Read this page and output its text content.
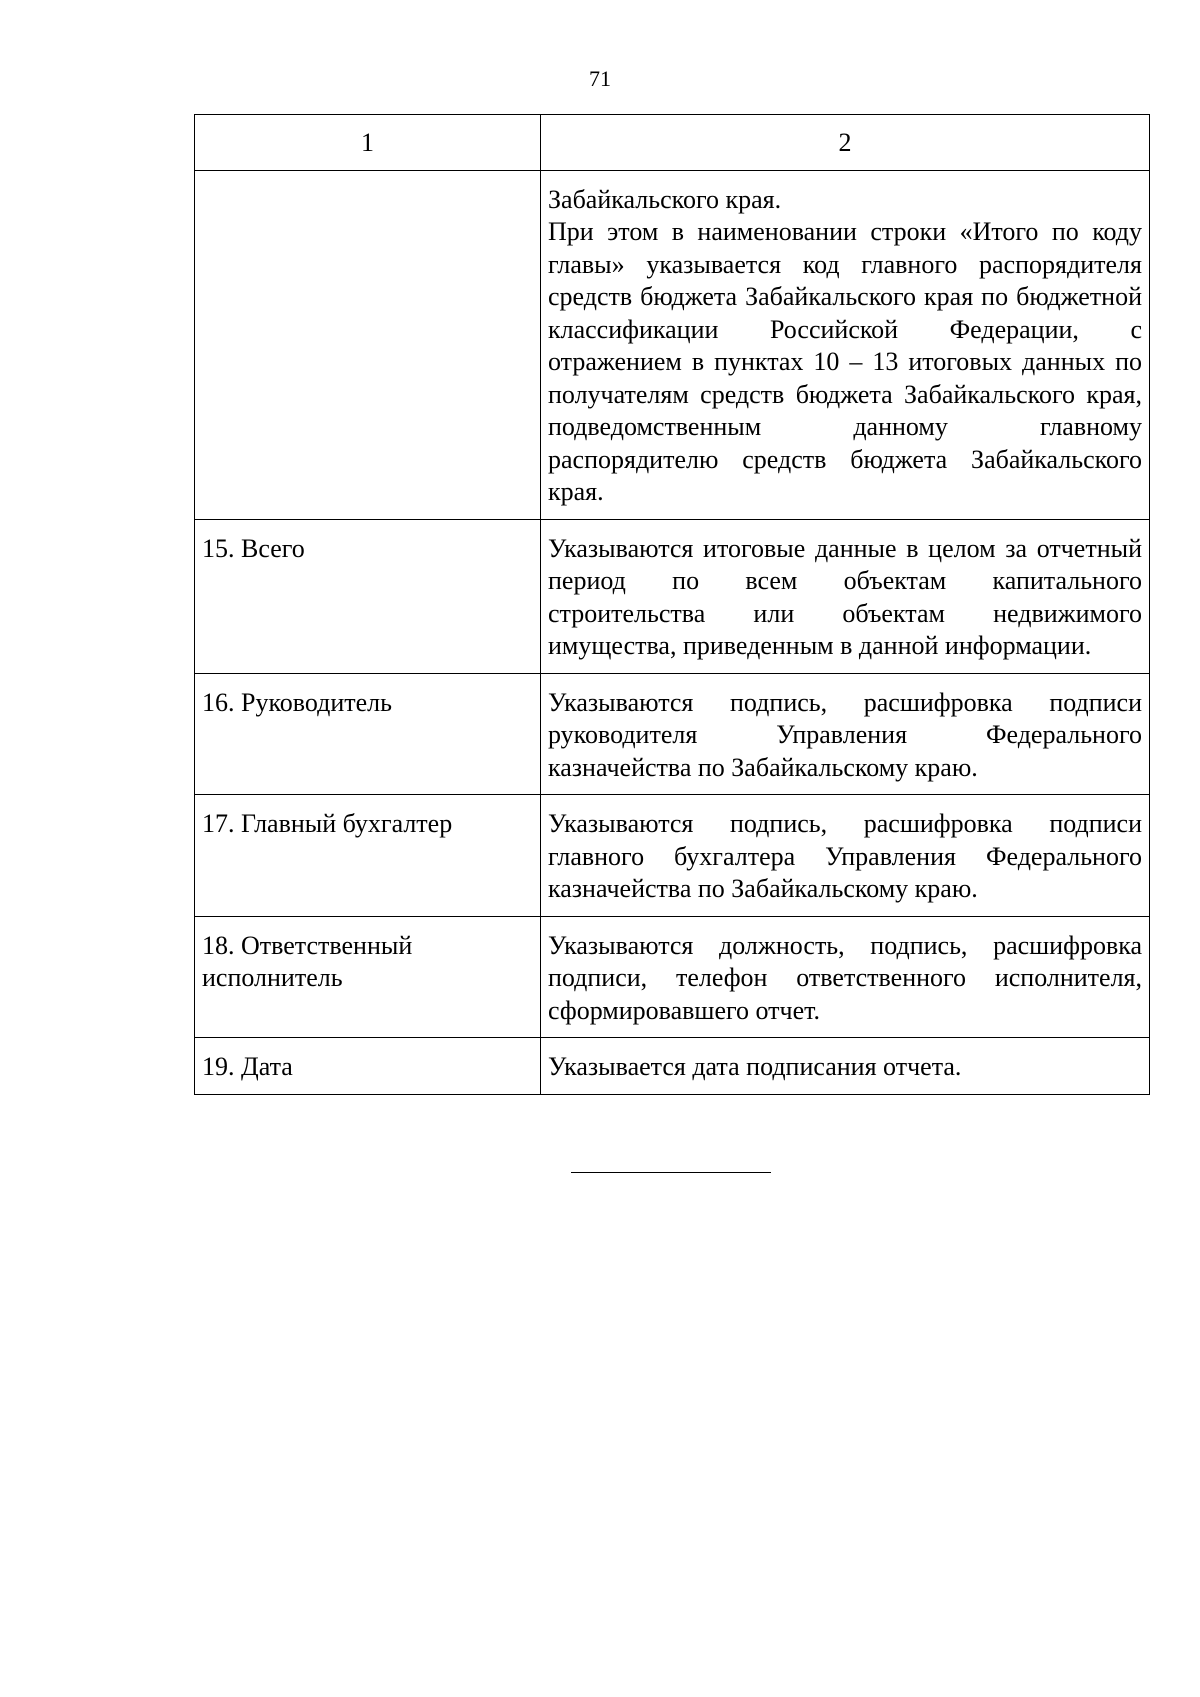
71
1	2

	Забайкальского края.
При этом в наименовании строки «Итого по коду главы» указывается код главного распорядителя средств бюджета Забайкальского края по бюджетной классификации Российской Федерации, с отражением в пунктах 10 – 13 итоговых данных по получателям средств бюджета Забайкальского края, подведомственным данному главному распорядителю средств бюджета Забайкальского края.

15. Всего	Указываются итоговые данные в целом за отчетный период по всем объектам капитального строительства или объектам недвижимого имущества, приведенным в данной информации.
16. Руководитель	Указываются подпись, расшифровка подписи руководителя Управления Федерального казначейства по Забайкальскому краю.
17. Главный бухгалтер	Указываются подпись, расшифровка подписи главного бухгалтера Управления Федерального казначейства по Забайкальскому краю.
18. Ответственный исполнитель	Указываются должность, подпись, расшифровка подписи, телефон ответственного исполнителя, сформировавшего отчет.
19. Дата	Указывается дата подписания отчета.
